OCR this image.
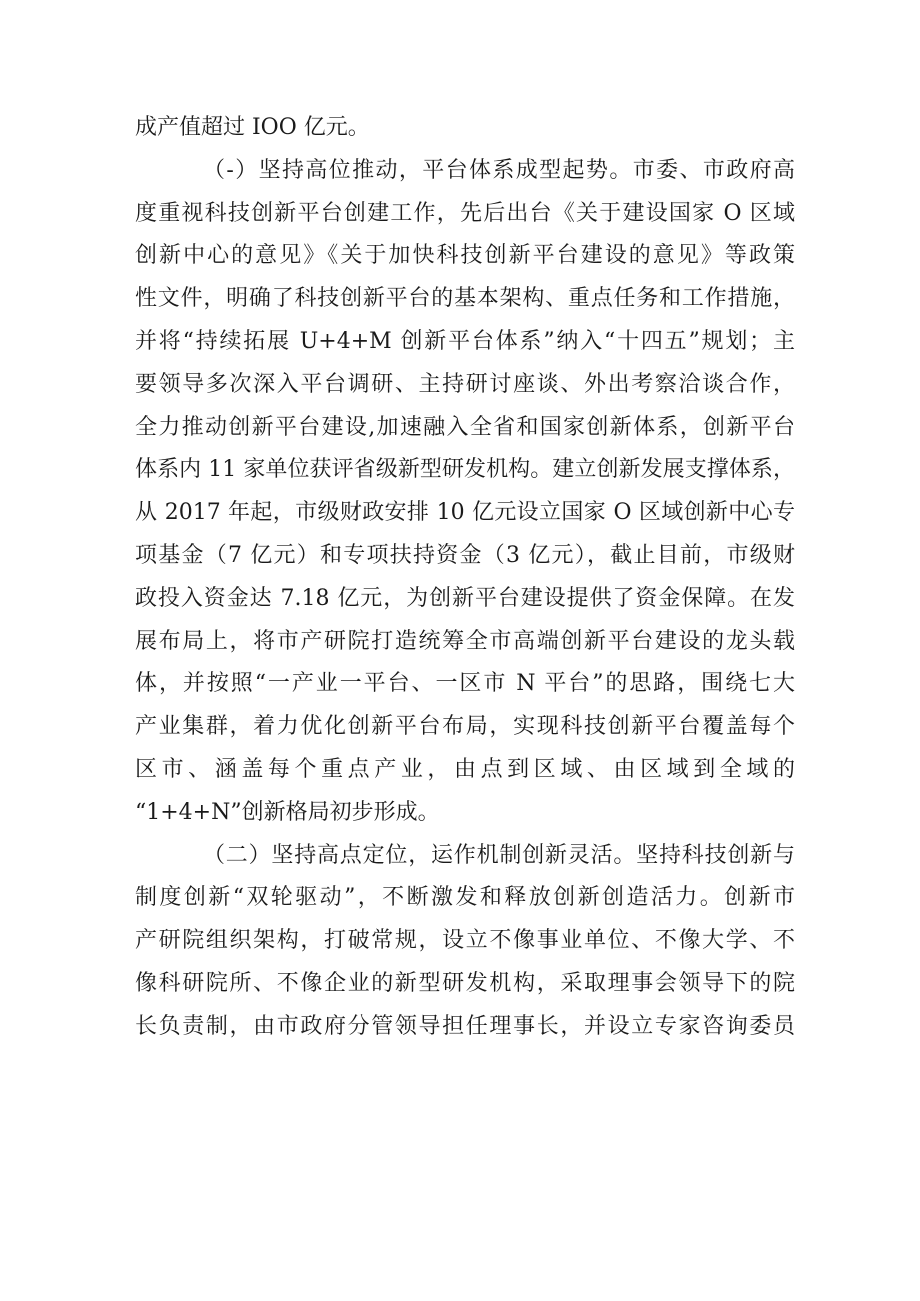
成产值超过 IOO 亿元。
（-）坚持高位推动，平台体系成型起势。市委、市政府高
度重视科技创新平台创建工作，先后出台《关于建设国家 O 区域
创新中心的意见》《关于加快科技创新平台建设的意见》等政策
性文件，明确了科技创新平台的基本架构、重点任务和工作措施，
并将“持续拓展 U+4+M 创新平台体系”纳入“十四五”规划；主
要领导多次深入平台调研、主持研讨座谈、外出考察洽谈合作，
全力推动创新平台建设,加速融入全省和国家创新体系，创新平台
体系内 11 家单位获评省级新型研发机构。建立创新发展支撑体系，
从 2017 年起，市级财政安排 10 亿元设立国家 O 区域创新中心专
项基金（7 亿元）和专项扶持资金（3 亿元），截止目前，市级财
政投入资金达 7.18 亿元，为创新平台建设提供了资金保障。在发
展布局上，将市产研院打造统筹全市高端创新平台建设的龙头载
体，并按照“一产业一平台、一区市 N 平台”的思路，围绕七大
产业集群，着力优化创新平台布局，实现科技创新平台覆盖每个
区市、涵盖每个重点产业，由点到区域、由区域到全域的
“1+4+N”创新格局初步形成。
（二）坚持高点定位，运作机制创新灵活。坚持科技创新与
制度创新“双轮驱动”，不断激发和释放创新创造活力。创新市
产研院组织架构，打破常规，设立不像事业单位、不像大学、不
像科研院所、不像企业的新型研发机构，采取理事会领导下的院
长负责制，由市政府分管领导担任理事长，并设立专家咨询委员
